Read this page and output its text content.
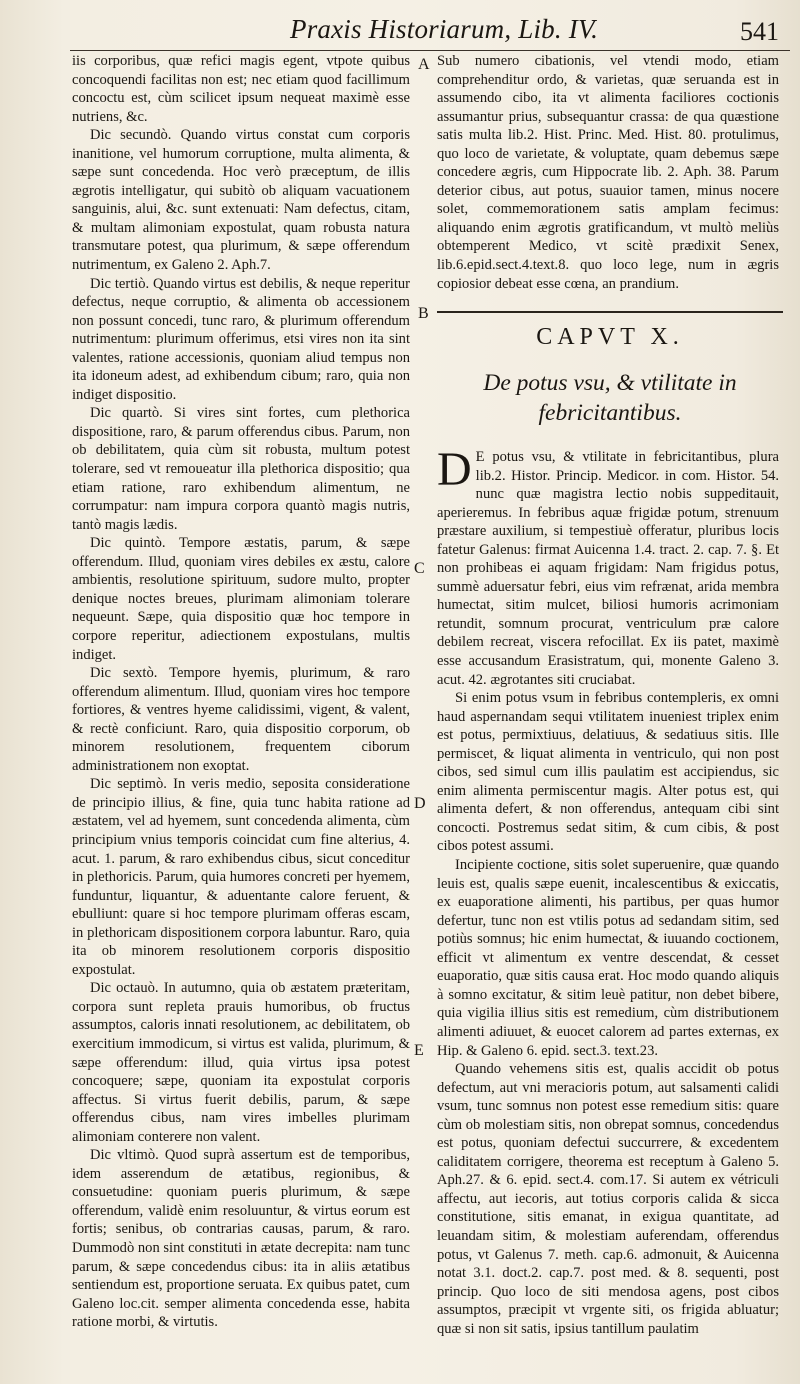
Praxis Historiarum, Lib. IV.	541
A
B
C
D
E

iis corporibus, quæ refici magis egent, vtpote quibus concoquendi facilitas non est; nec etiam quod facillimum concoctu est, cùm scilicet ipsum nequeat maximè esse nutriens, &c.

Dic secundò. Quando virtus constat cum corporis inanitione, vel humorum corruptione, multa alimenta, & sæpe sunt concedenda. Hoc verò præceptum, de illis ægrotis intelligatur, qui subitò ob aliquam vacuationem sanguinis, alui, &c. sunt extenuati: Nam defectus, citam, & multam alimoniam expostulat, quam robusta natura transmutare potest, qua plurimum, & sæpe offerendum nutrimentum, ex Galeno 2. Aph.7.

Dic tertiò. Quando virtus est debilis, & neque reperitur defectus, neque corruptio, & alimenta ob accessionem non possunt concedi, tunc raro, & plurimum offerendum nutrimentum: plurimum offerimus, etsi vires non ita sint valentes, ratione accessionis, quoniam aliud tempus non ita idoneum adest, ad exhibendum cibum; raro, quia non indiget dispositio.

Dic quartò. Si vires sint fortes, cum plethorica dispositione, raro, & parum offerendus cibus. Parum, non ob debilitatem, quia cùm sit robusta, multum potest tolerare, sed vt remoueatur illa plethorica dispositio; qua etiam ratione, raro exhibendum alimentum, ne corrumpatur: nam impura corpora quantò magis nutris, tantò magis lædis.

Dic quintò. Tempore æstatis, parum, & sæpe offerendum. Illud, quoniam vires debiles ex æstu, calore ambientis, resolutione spirituum, sudore multo, propter denique noctes breues, plurimam alimoniam tolerare nequeunt. Sæpe, quia dispositio quæ hoc tempore in corpore reperitur, adiectionem expostulans, multis indiget.

Dic sextò. Tempore hyemis, plurimum, & raro offerendum alimentum. Illud, quoniam vires hoc tempore fortiores, & ventres hyeme calidissimi, vigent, & valent, & rectè conficiunt. Raro, quia dispositio corporum, ob minorem resolutionem, frequentem ciborum administrationem non exoptat.

Dic septimò. In veris medio, seposita consideratione de principio illius, & fine, quia tunc habita ratione ad æstatem, vel ad hyemem, sunt concedenda alimenta, cùm principium vnius temporis coincidat cum fine alterius, 4. acut. 1. parum, & raro exhibendus cibus, sicut conceditur in plethoricis. Parum, quia humores concreti per hyemem, funduntur, liquantur, & aduentante calore feruent, & ebulliunt: quare si hoc tempore plurimam offeras escam, in plethoricam dispositionem corpora labuntur. Raro, quia ita ob minorem resolutionem corporis dispositio expostulat.

Dic octauò. In autumno, quia ob æstatem præteritam, corpora sunt repleta prauis humoribus, ob fructus assumptos, caloris innati resolutionem, ac debilitatem, ob exercitium immodicum, si virtus est valida, plurimum, & sæpe offerendum: illud, quia virtus ipsa potest concoquere; sæpe, quoniam ita expostulat corporis affectus. Si virtus fuerit debilis, parum, & sæpe offerendus cibus, nam vires imbelles plurimam alimoniam conterere non valent.

Dic vltimò. Quod suprà assertum est de temporibus, idem asserendum de ætatibus, regionibus, & consuetudine: quoniam pueris plurimum, & sæpe offerendum, validè enim resoluuntur, & virtus eorum est fortis; senibus, ob contrarias causas, parum, & raro. Dummodò non sint constituti in ætate decrepita: nam tunc parum, & sæpe concedendus cibus: ita in aliis ætatibus sentiendum est, proportione seruata. Ex quibus patet, cum Galeno loc.cit. semper alimenta concedenda esse, habita ratione morbi, & virtutis.

Sub numero cibationis, vel vtendi modo, etiam comprehenditur ordo, & varietas, quæ seruanda est in assumendo cibo, ita vt alimenta faciliores coctionis assumantur prius, subsequantur crassa: de qua quæstione satis multa lib.2. Hist. Princ. Med. Hist. 80. protulimus, quo loco de varietate, & voluptate, quam debemus sæpe concedere ægris, cum Hippocrate lib. 2. Aph. 38. Parum deterior cibus, aut potus, suauior tamen, minus nocere solet, commemorationem satis amplam fecimus: aliquando enim ægrotis gratificandum, vt multò meliùs obtemperent Medico, vt scitè prædixit Senex, lib.6.epid.sect.4.text.8. quo loco lege, num in ægris copiosior debeat esse cœna, an prandium.

CAPVT X.
De potus vsu, & vtilitate in febricitantibus.

D E potus vsu, & vtilitate in febricitantibus, plura lib.2. Histor. Princip. Medicor. in com. Histor. 54. nunc quæ magistra lectio nobis suppeditauit, aperieremus. In febribus aquæ frigidæ potum, strenuum præstare auxilium, si tempestiuè offeratur, pluribus locis fatetur Galenus: firmat Auicenna 1.4. tract. 2. cap. 7. §. Et non prohibeas ei aquam frigidam: Nam frigidus potus, summè aduersatur febri, eius vim refrænat, arida membra humectat, sitim mulcet, biliosi humoris acrimoniam retundit, somnum procurat, ventriculum præ calore debilem recreat, viscera refocillat. Ex iis patet, maximè esse accusandum Erasistratum, qui, monente Galeno 3. acut. 42. ægrotantes siti cruciabat.

Si enim potus vsum in febribus contempleris, ex omni haud aspernandam sequi vtilitatem inueniest triplex enim est potus, permixtiuus, delatiuus, & sedatiuus sitis. Ille permiscet, & liquat alimenta in ventriculo, qui non post cibos, sed simul cum illis paulatim est accipiendus, sic enim alimenta permiscentur magis. Alter potus est, qui alimenta defert, & non offerendus, antequam cibi sint concocti. Postremus sedat sitim, & cum cibis, & post cibos potest assumi.

Incipiente coctione, sitis solet superuenire, quæ quando leuis est, qualis sæpe euenit, incalescentibus & exiccatis, ex euaporatione alimenti, his partibus, per quas humor defertur, tunc non est vtilis potus ad sedandam sitim, sed potiùs somnus; hic enim humectat, & iuuando coctionem, efficit vt alimentum ex ventre descendat, & cesset euaporatio, quæ sitis causa erat. Hoc modo quando aliquis à somno excitatur, & sitim leuè patitur, non debet bibere, quia vigilia illius sitis est remedium, cùm distributionem alimenti adiuuet, & euocet calorem ad partes externas, ex Hip. & Galeno 6. epid. sect.3. text.23.

Quando vehemens sitis est, qualis accidit ob potus defectum, aut vni meracioris potum, aut salsamenti calidi vsum, tunc somnus non potest esse remedium sitis: quare cùm ob molestiam sitis, non obrepat somnus, concedendus est potus, quoniam defectui succurrere, & excedentem caliditatem corrigere, theorema est receptum à Galeno 5. Aph.27. & 6. epid. sect.4. com.17. Si autem ex vétriculi affectu, aut iecoris, aut totius corporis calida & sicca constitutione, sitis emanat, in exigua quantitate, ad leuandam sitim, & molestiam auferendam, offerendus potus, vt Galenus 7. meth. cap.6. admonuit, & Auicenna notat 3.1. doct.2. cap.7. post med. & 8. sequenti, post princip. Quo loco de siti mendosa agens, post cibos assumptos, præcipit vt vrgente siti, os frigida abluatur; quæ si non sit satis, ipsius tantillum paulatim
